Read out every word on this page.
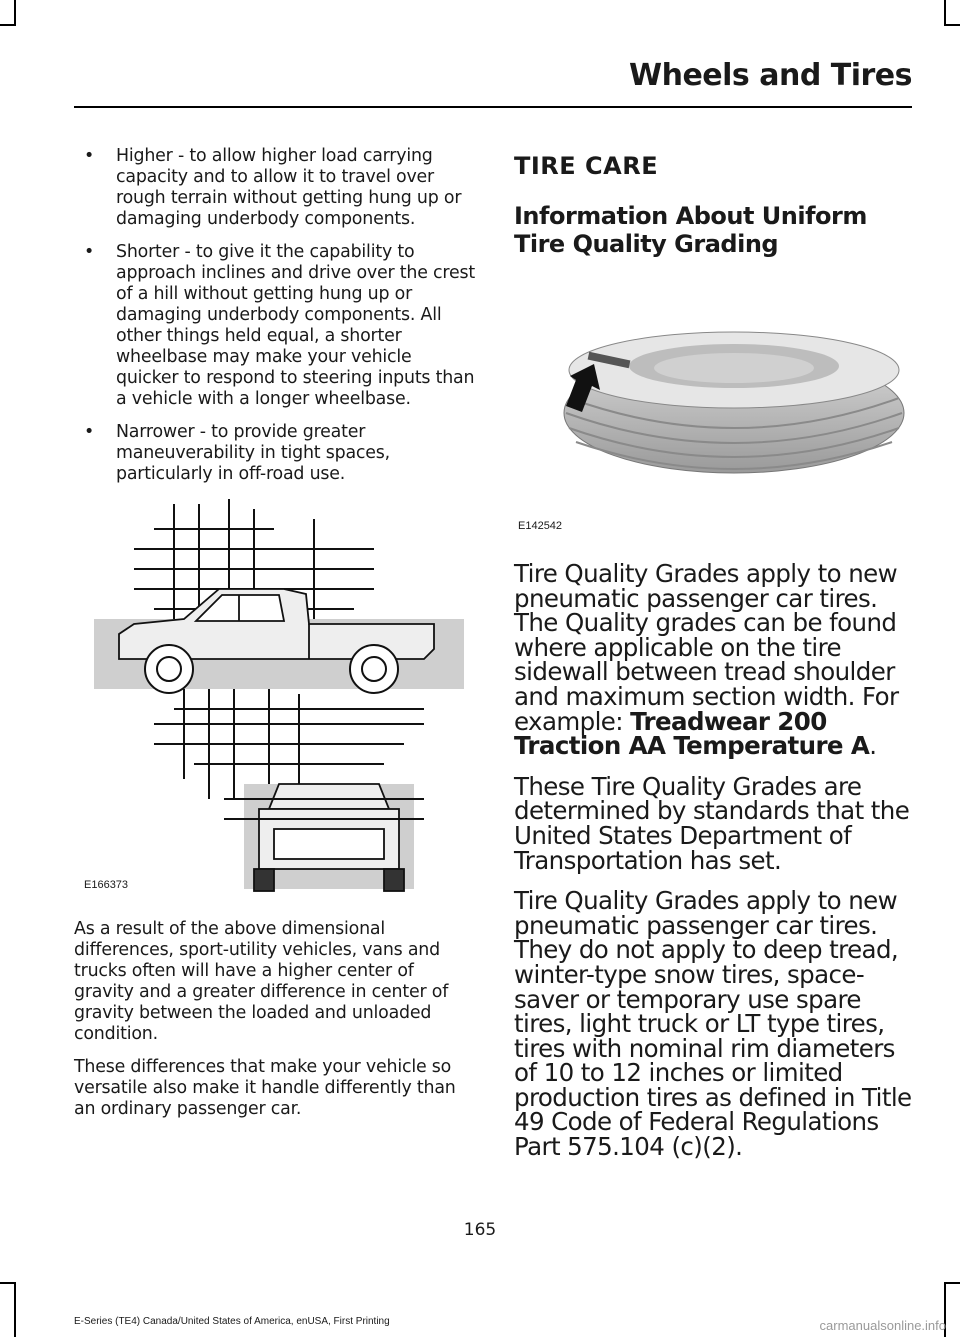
Wheels and Tires
• Higher - to allow higher load carrying capacity and to allow it to travel over rough terrain without getting hung up or damaging underbody components.
• Shorter - to give it the capability to approach inclines and drive over the crest of a hill without getting hung up or damaging underbody components. All other things held equal, a shorter wheelbase may make your vehicle quicker to respond to steering inputs than a vehicle with a longer wheelbase.
• Narrower - to provide greater maneuverability in tight spaces, particularly in off-road use.
E166373

As a result of the above dimensional differences, sport-utility vehicles, vans and trucks often will have a higher center of gravity and a greater difference in center of gravity between the loaded and unloaded condition.

These differences that make your vehicle so versatile also make it handle differently than an ordinary passenger car.

TIRE CARE
Information About Uniform Tire Quality Grading
E142542

Tire Quality Grades apply to new pneumatic passenger car tires. The Quality grades can be found where applicable on the tire sidewall between tread shoulder and maximum section width. For example: Treadwear 200 Traction AA Temperature A.

These Tire Quality Grades are determined by standards that the United States Department of Transportation has set.

Tire Quality Grades apply to new pneumatic passenger car tires. They do not apply to deep tread, winter-type snow tires, space-saver or temporary use spare tires, light truck or LT type tires, tires with nominal rim diameters of 10 to 12 inches or limited production tires as defined in Title 49 Code of Federal Regulations Part 575.104 (c)(2).

165
E-Series (TE4) Canada/United States of America, enUSA, First Printing	carmanualsonline.info
